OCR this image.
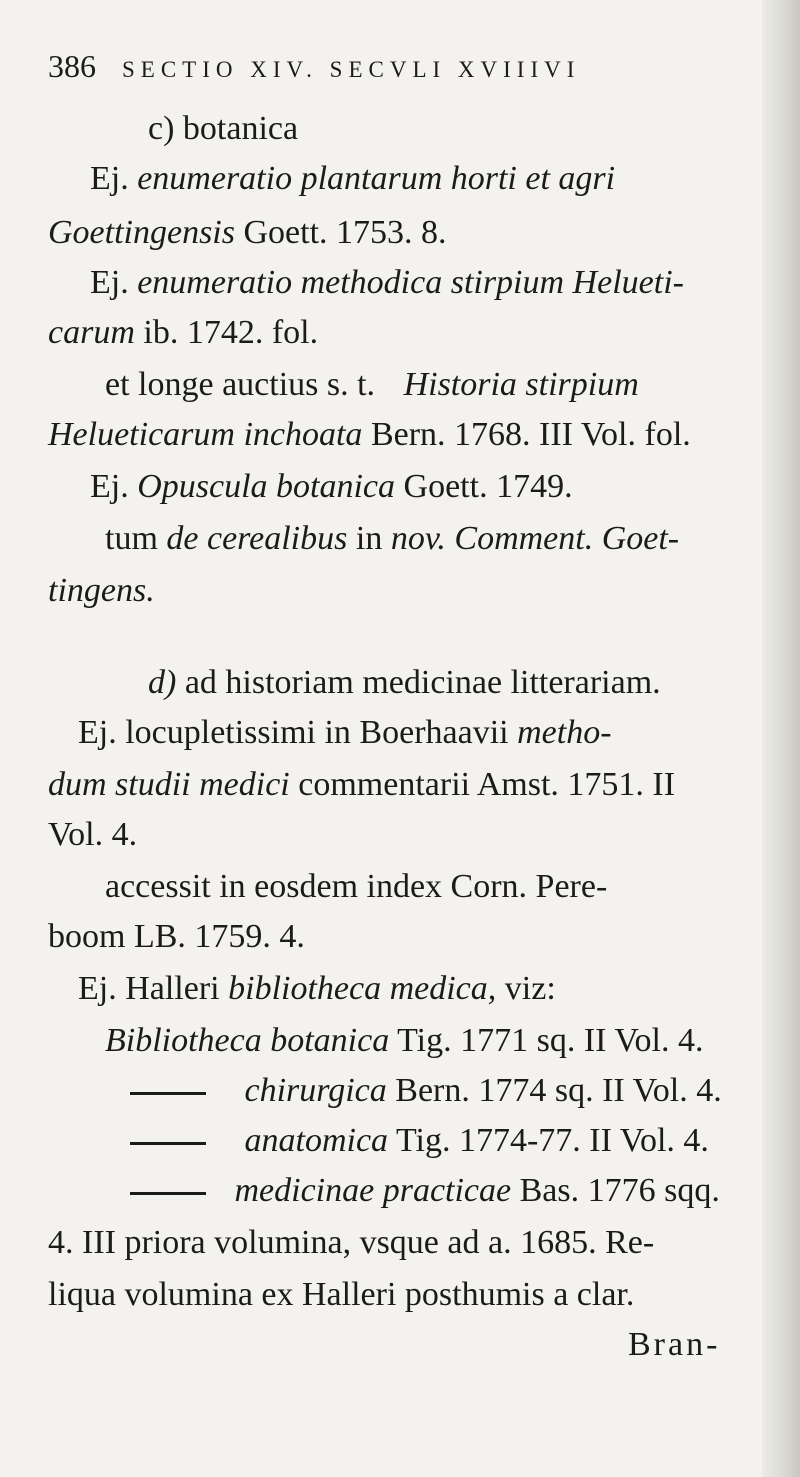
386 SECTIO XIV. SECVLI XVIIIVI
c) botanica
Ej. enumeratio plantarum horti et agri
Goettingensis Goett. 1753. 8.
Ej. enumeratio methodica stirpium Helueti-
carum ib. 1742. fol.
et longe auctius s. t. Historia stirpium
Helueticarum inchoata Bern. 1768. III Vol. fol.
Ej. Opuscula botanica Goett. 1749.
tum de cerealibus in nov. Comment. Goet-
tingens.
d) ad historiam medicinae litterariam.
Ej. locupletissimi in Boerhaavii metho-
dum studii medici commentarii Amst. 1751. II
Vol. 4.
accessit in eosdem index Corn. Pere-
boom LB. 1759. 4.
Ej. Halleri bibliotheca medica, viz:
Bibliotheca botanica Tig. 1771 sq. II Vol. 4.
chirurgica Bern. 1774 sq. II Vol. 4.
anatomica Tig. 1774-77. II Vol. 4.
medicinae practicae Bas. 1776 sqq.
4. III priora volumina, vsque ad a. 1685. Re-
liqua volumina ex Halleri posthumis a clar.
Bran-
